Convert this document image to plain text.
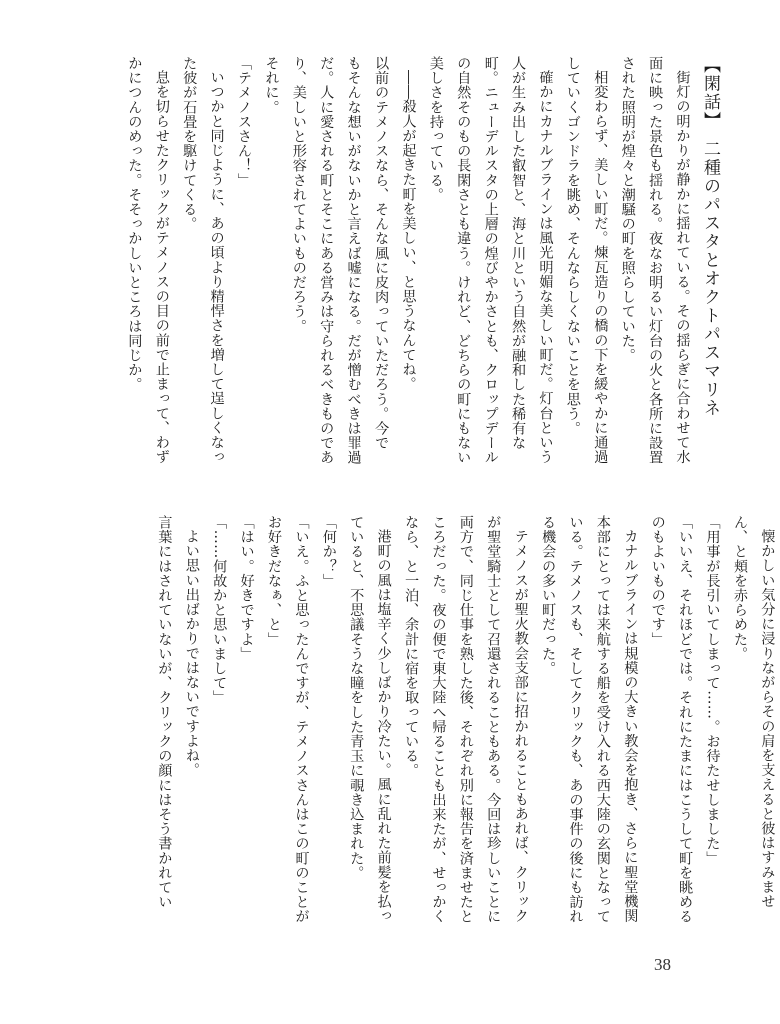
【閑話】二種のパスタとオクトパスマリネ
街灯の明かりが静かに揺れている。その揺らぎに合わせて水
面に映った景色も揺れる。夜なお明るい灯台の火と各所に設置
された照明が煌々と潮騒の町を照らしていた。
相変わらず、美しい町だ。煉瓦造りの橋の下を緩やかに通過
していくゴンドラを眺め、そんならしくないことを思う。
確かにカナルブラインは風光明媚な美しい町だ。灯台という
人が生み出した叡智と、海と川という自然が融和した稀有な
町。ニューデルスタの上層の煌びやかさとも、クロップデール
の自然そのもの長閑さとも違う。けれど、どちらの町にもない
美しさを持っている。
――殺人が起きた町を美しい、と思うなんてね。
以前のテメノスなら、そんな風に皮肉っていただろう。今で
もそんな想いがないかと言えば嘘になる。だが憎むべきは罪過
だ。人に愛される町とそこにある営みは守られるべきものであ
り、美しいと形容されてよいものだろう。
それに。
「テメノスさん！」
いつかと同じように、あの頃より精悍さを増して逞しくなっ
た彼が石畳を駆けてくる。
息を切らせたクリックがテメノスの目の前で止まって、わず
かにつんのめった。そそっかしいところは同じか。
懐かしい気分に浸りながらその肩を支えると彼はすみませ
ん、と頬を赤らめた。
「用事が長引いてしまって……。お待たせしました」
「いいえ、それほどでは。それにたまにはこうして町を眺める
のもよいものです」
カナルブラインは規模の大きい教会を抱き、さらに聖堂機関
本部にとっては来航する船を受け入れる西大陸の玄関となって
いる。テメノスも、そしてクリックも、あの事件の後にも訪れ
る機会の多い町だった。
テメノスが聖火教会支部に招かれることもあれば、クリック
が聖堂騎士として召還されることもある。今回は珍しいことに
両方で、同じ仕事を熟した後、それぞれ別に報告を済ませたと
ころだった。夜の便で東大陸へ帰ることも出来たが、せっかく
なら、と一泊、余計に宿を取っている。
港町の風は塩辛く少しばかり冷たい。風に乱れた前髪を払っ
ていると、不思議そうな瞳をした青玉に覗き込まれた。
「何か？」
「いえ。ふと思ったんですが、テメノスさんはこの町のことが
お好きだなぁ、と」
「はい。好きですよ」
「……何故かと思いまして」
よい思い出ばかりではないですよね。
言葉にはされていないが、クリックの顔にはそう書かれてい
38
